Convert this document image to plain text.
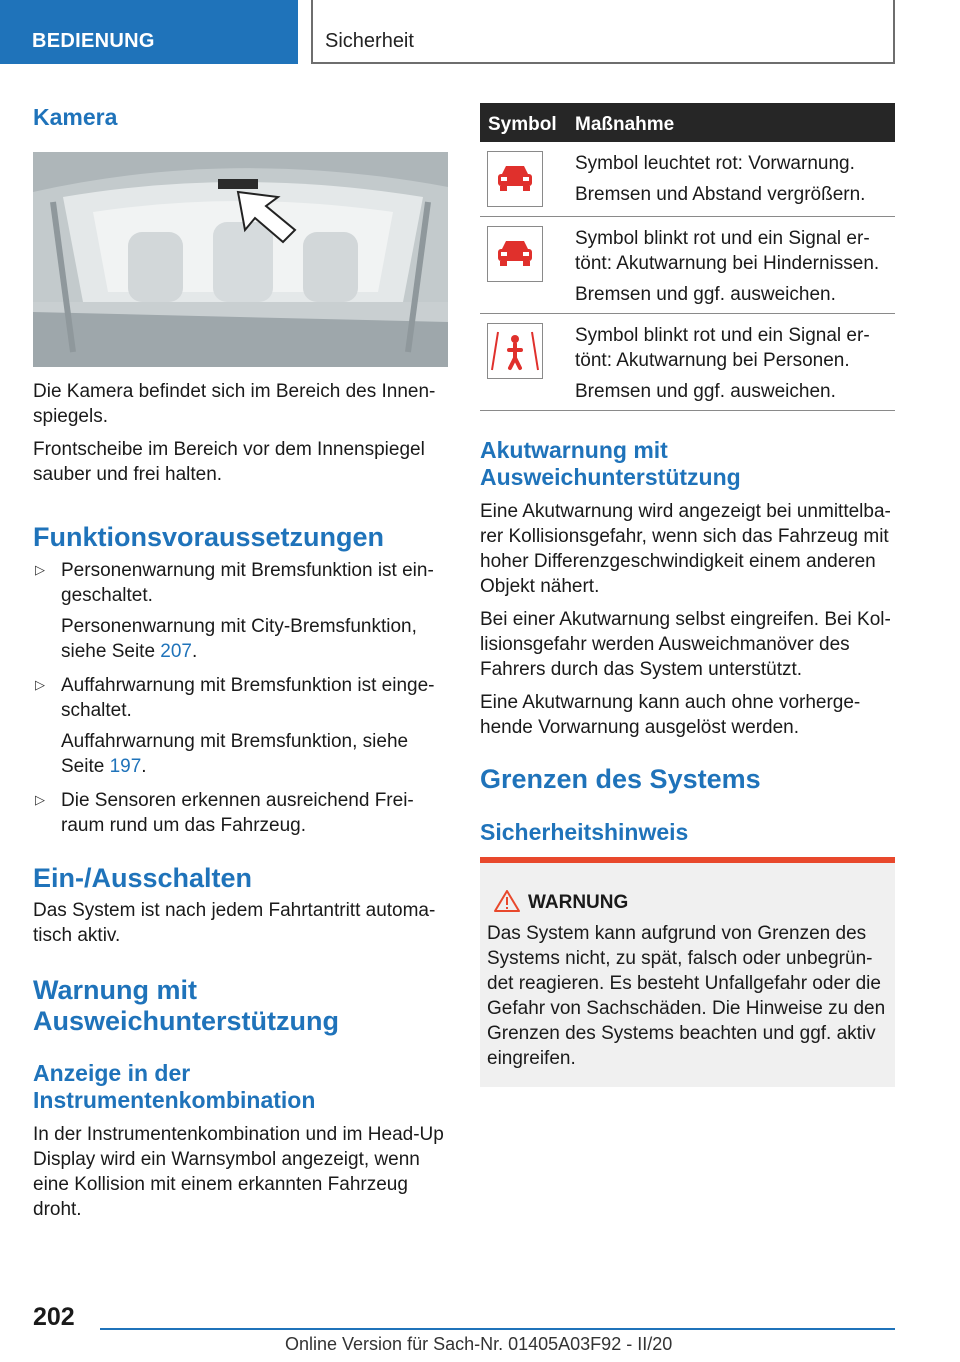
BEDIENUNG	Sicherheit
Kamera

Die Kamera befindet sich im Bereich des Innen-spiegels.

Frontscheibe im Bereich vor dem Innenspiegel sauber und frei halten.

Funktionsvoraussetzungen
▷ Personenwarnung mit Bremsfunktion ist ein-geschaltet.
Personenwarnung mit City-Bremsfunktion, siehe Seite 207.
▷ Auffahrwarnung mit Bremsfunktion ist einge-schaltet.
Auffahrwarnung mit Bremsfunktion, siehe Seite 197.
▷ Die Sensoren erkennen ausreichend Frei-raum rund um das Fahrzeug.
Ein-/Ausschalten

Das System ist nach jedem Fahrtantritt automa-tisch aktiv.

Warnung mit
Ausweichunterstützung
Anzeige in der
Instrumentenkombination

In der Instrumentenkombination und im Head-Up Display wird ein Warnsymbol angezeigt, wenn eine Kollision mit einem erkannten Fahrzeug droht.

Symbol Maßnahme
Symbol leuchtet rot: Vorwarnung.
Bremsen und Abstand vergrößern.
Symbol blinkt rot und ein Signal er-tönt: Akutwarnung bei Hindernissen.
Bremsen und ggf. ausweichen.
Symbol blinkt rot und ein Signal er-tönt: Akutwarnung bei Personen.
Bremsen und ggf. ausweichen.
Akutwarnung mit
Ausweichunterstützung

Eine Akutwarnung wird angezeigt bei unmittelba-rer Kollisionsgefahr, wenn sich das Fahrzeug mit hoher Differenzgeschwindigkeit einem anderen Objekt nähert.

Bei einer Akutwarnung selbst eingreifen. Bei Kol-lisionsgefahr werden Ausweichmanöver des Fahrers durch das System unterstützt.

Eine Akutwarnung kann auch ohne vorherge-hende Vorwarnung ausgelöst werden.

Grenzen des Systems
Sicherheitshinweis
WARNUNG

Das System kann aufgrund von Grenzen des Systems nicht, zu spät, falsch oder unbegrün-det reagieren. Es besteht Unfallgefahr oder die Gefahr von Sachschäden. Die Hinweise zu den Grenzen des Systems beachten und ggf. aktiv eingreifen.

202
Online Version für Sach-Nr. 01405A03F92 - II/20
